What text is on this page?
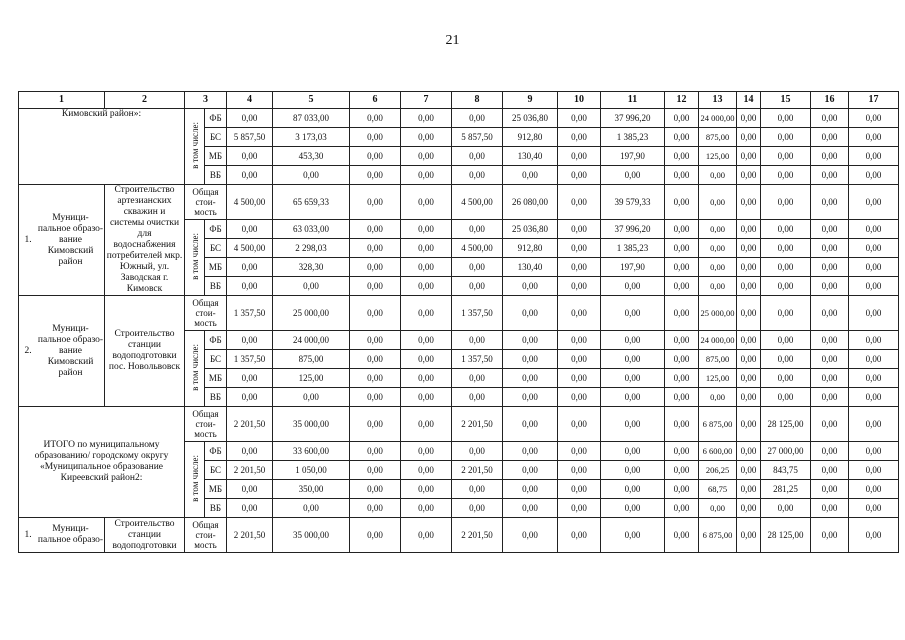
21
1	2	3		4	5	6	7	8	9	10	11	12	13	14	15	16	17
Кимовский район»:		в том числе:	ФБ	0,00	87 033,00	0,00	0,00	0,00	25 036,80	0,00	37 996,20	0,00	24 000,00	0,00	0,00	0,00	0,00
			БС	5 857,50	3 173,03	0,00	0,00	5 857,50	912,80	0,00	1 385,23	0,00	875,00	0,00	0,00	0,00	0,00
			МБ	0,00	453,30	0,00	0,00	0,00	130,40	0,00	197,90	0,00	125,00	0,00	0,00	0,00	0,00
			ВБ	0,00	0,00	0,00	0,00	0,00	0,00	0,00	0,00	0,00	0,00	0,00	0,00	0,00	0,00

1.
Муници-пальное образо-вание Кимовский район	Строительство артезианских скважин и системы очистки для водоснабжения потребителей мкр. Южный, ул. Заводская г. Кимовск	Общая стои-мость		4 500,00	65 659,33	0,00	0,00	4 500,00	26 080,00	0,00	39 579,33	0,00	0,00	0,00	0,00	0,00	0,00
		в том числе:	ФБ	0,00	63 033,00	0,00	0,00	0,00	25 036,80	0,00	37 996,20	0,00	0,00	0,00	0,00	0,00	0,00
			БС	4 500,00	2 298,03	0,00	0,00	4 500,00	912,80	0,00	1 385,23	0,00	0,00	0,00	0,00	0,00	0,00
			МБ	0,00	328,30	0,00	0,00	0,00	130,40	0,00	197,90	0,00	0,00	0,00	0,00	0,00	0,00
			ВБ	0,00	0,00	0,00	0,00	0,00	0,00	0,00	0,00	0,00	0,00	0,00	0,00	0,00	0,00

2.
Муници-пальное образо-вание Кимовский район	Строительство станции водоподготовки пос. Новольвовск	Общая стои-мость		1 357,50	25 000,00	0,00	0,00	1 357,50	0,00	0,00	0,00	0,00	25 000,00	0,00	0,00	0,00	0,00
		в том числе:	ФБ	0,00	24 000,00	0,00	0,00	0,00	0,00	0,00	0,00	0,00	24 000,00	0,00	0,00	0,00	0,00
			БС	1 357,50	875,00	0,00	0,00	1 357,50	0,00	0,00	0,00	0,00	875,00	0,00	0,00	0,00	0,00
			МБ	0,00	125,00	0,00	0,00	0,00	0,00	0,00	0,00	0,00	125,00	0,00	0,00	0,00	0,00
			ВБ	0,00	0,00	0,00	0,00	0,00	0,00	0,00	0,00	0,00	0,00	0,00	0,00	0,00	0,00
ИТОГО по муниципальному образованию/ городскому округу «Муниципальное образование Киреевский район2:		Общая стои-мость		2 201,50	35 000,00	0,00	0,00	2 201,50	0,00	0,00	0,00	0,00	6 875,00	0,00	28 125,00	0,00	0,00
		в том числе:	ФБ	0,00	33 600,00	0,00	0,00	0,00	0,00	0,00	0,00	0,00	6 600,00	0,00	27 000,00	0,00	0,00
			БС	2 201,50	1 050,00	0,00	0,00	2 201,50	0,00	0,00	0,00	0,00	206,25	0,00	843,75	0,00	0,00
			МБ	0,00	350,00	0,00	0,00	0,00	0,00	0,00	0,00	0,00	68,75	0,00	281,25	0,00	0,00
			ВБ	0,00	0,00	0,00	0,00	0,00	0,00	0,00	0,00	0,00	0,00	0,00	0,00	0,00	0,00

1.
Муници-пальное образо-	Строительство станции водоподготовки	Общая стои-мость		2 201,50	35 000,00	0,00	0,00	2 201,50	0,00	0,00	0,00	0,00	6 875,00	0,00	28 125,00	0,00	0,00
